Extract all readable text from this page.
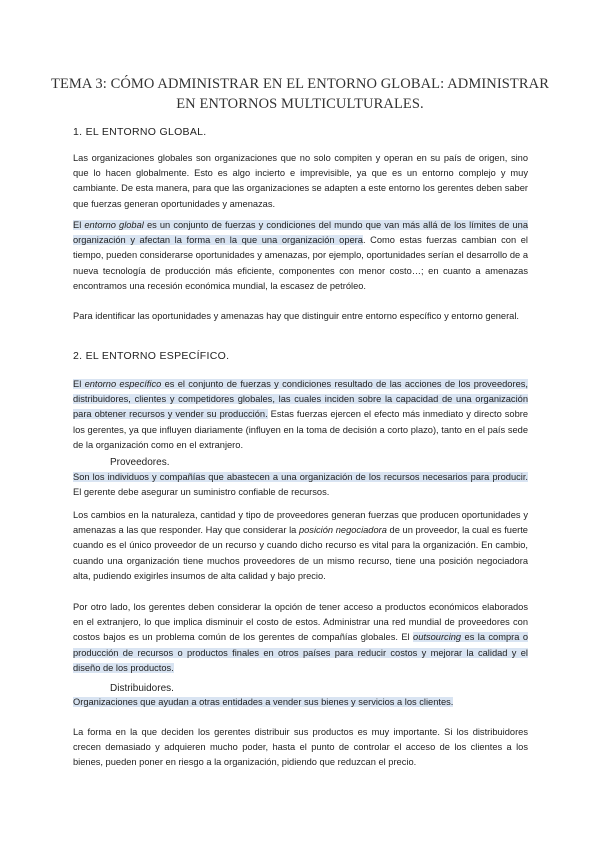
TEMA 3: CÓMO ADMINISTRAR EN EL ENTORNO GLOBAL: ADMINISTRAR EN ENTORNOS MULTICULTURALES.
1. EL ENTORNO GLOBAL.

Las organizaciones globales son organizaciones que no solo compiten y operan en su país de origen, sino que lo hacen globalmente. Esto es algo incierto e imprevisible, ya que es un entorno complejo y muy cambiante. De esta manera, para que las organizaciones se adapten a este entorno los gerentes deben saber que fuerzas generan oportunidades y amenazas.

El entorno global es un conjunto de fuerzas y condiciones del mundo que van más allá de los límites de una organización y afectan la forma en la que una organización opera. Como estas fuerzas cambian con el tiempo, pueden considerarse oportunidades y amenazas, por ejemplo, oportunidades serían el desarrollo de a nueva tecnología de producción más eficiente, componentes con menor costo…; en cuanto a amenazas encontramos una recesión económica mundial, la escasez de petróleo.

Para identificar las oportunidades y amenazas hay que distinguir entre entorno específico y entorno general.

2. EL ENTORNO ESPECÍFICO.

El entorno específico es el conjunto de fuerzas y condiciones resultado de las acciones de los proveedores, distribuidores, clientes y competidores globales, las cuales inciden sobre la capacidad de una organización para obtener recursos y vender su producción. Estas fuerzas ejercen el efecto más inmediato y directo sobre los gerentes, ya que influyen diariamente (influyen en la toma de decisión a corto plazo), tanto en el país sede de la organización como en el extranjero.

Proveedores.

Son los individuos y compañías que abastecen a una organización de los recursos necesarios para producir. El gerente debe asegurar un suministro confiable de recursos.

Los cambios en la naturaleza, cantidad y tipo de proveedores generan fuerzas que producen oportunidades y amenazas a las que responder. Hay que considerar la posición negociadora de un proveedor, la cual es fuerte cuando es el único proveedor de un recurso y cuando dicho recurso es vital para la organización. En cambio, cuando una organización tiene muchos proveedores de un mismo recurso, tiene una posición negociadora alta, pudiendo exigirles insumos de alta calidad y bajo precio.

Por otro lado, los gerentes deben considerar la opción de tener acceso a productos económicos elaborados en el extranjero, lo que implica disminuir el costo de estos. Administrar una red mundial de proveedores con costos bajos es un problema común de los gerentes de compañías globales. El outsourcing es la compra o producción de recursos o productos finales en otros países para reducir costos y mejorar la calidad y el diseño de los productos.

Distribuidores.

Organizaciones que ayudan a otras entidades a vender sus bienes y servicios a los clientes.

La forma en la que deciden los gerentes distribuir sus productos es muy importante. Si los distribuidores crecen demasiado y adquieren mucho poder, hasta el punto de controlar el acceso de los clientes a los bienes, pueden poner en riesgo a la organización, pidiendo que reduzcan el precio.
